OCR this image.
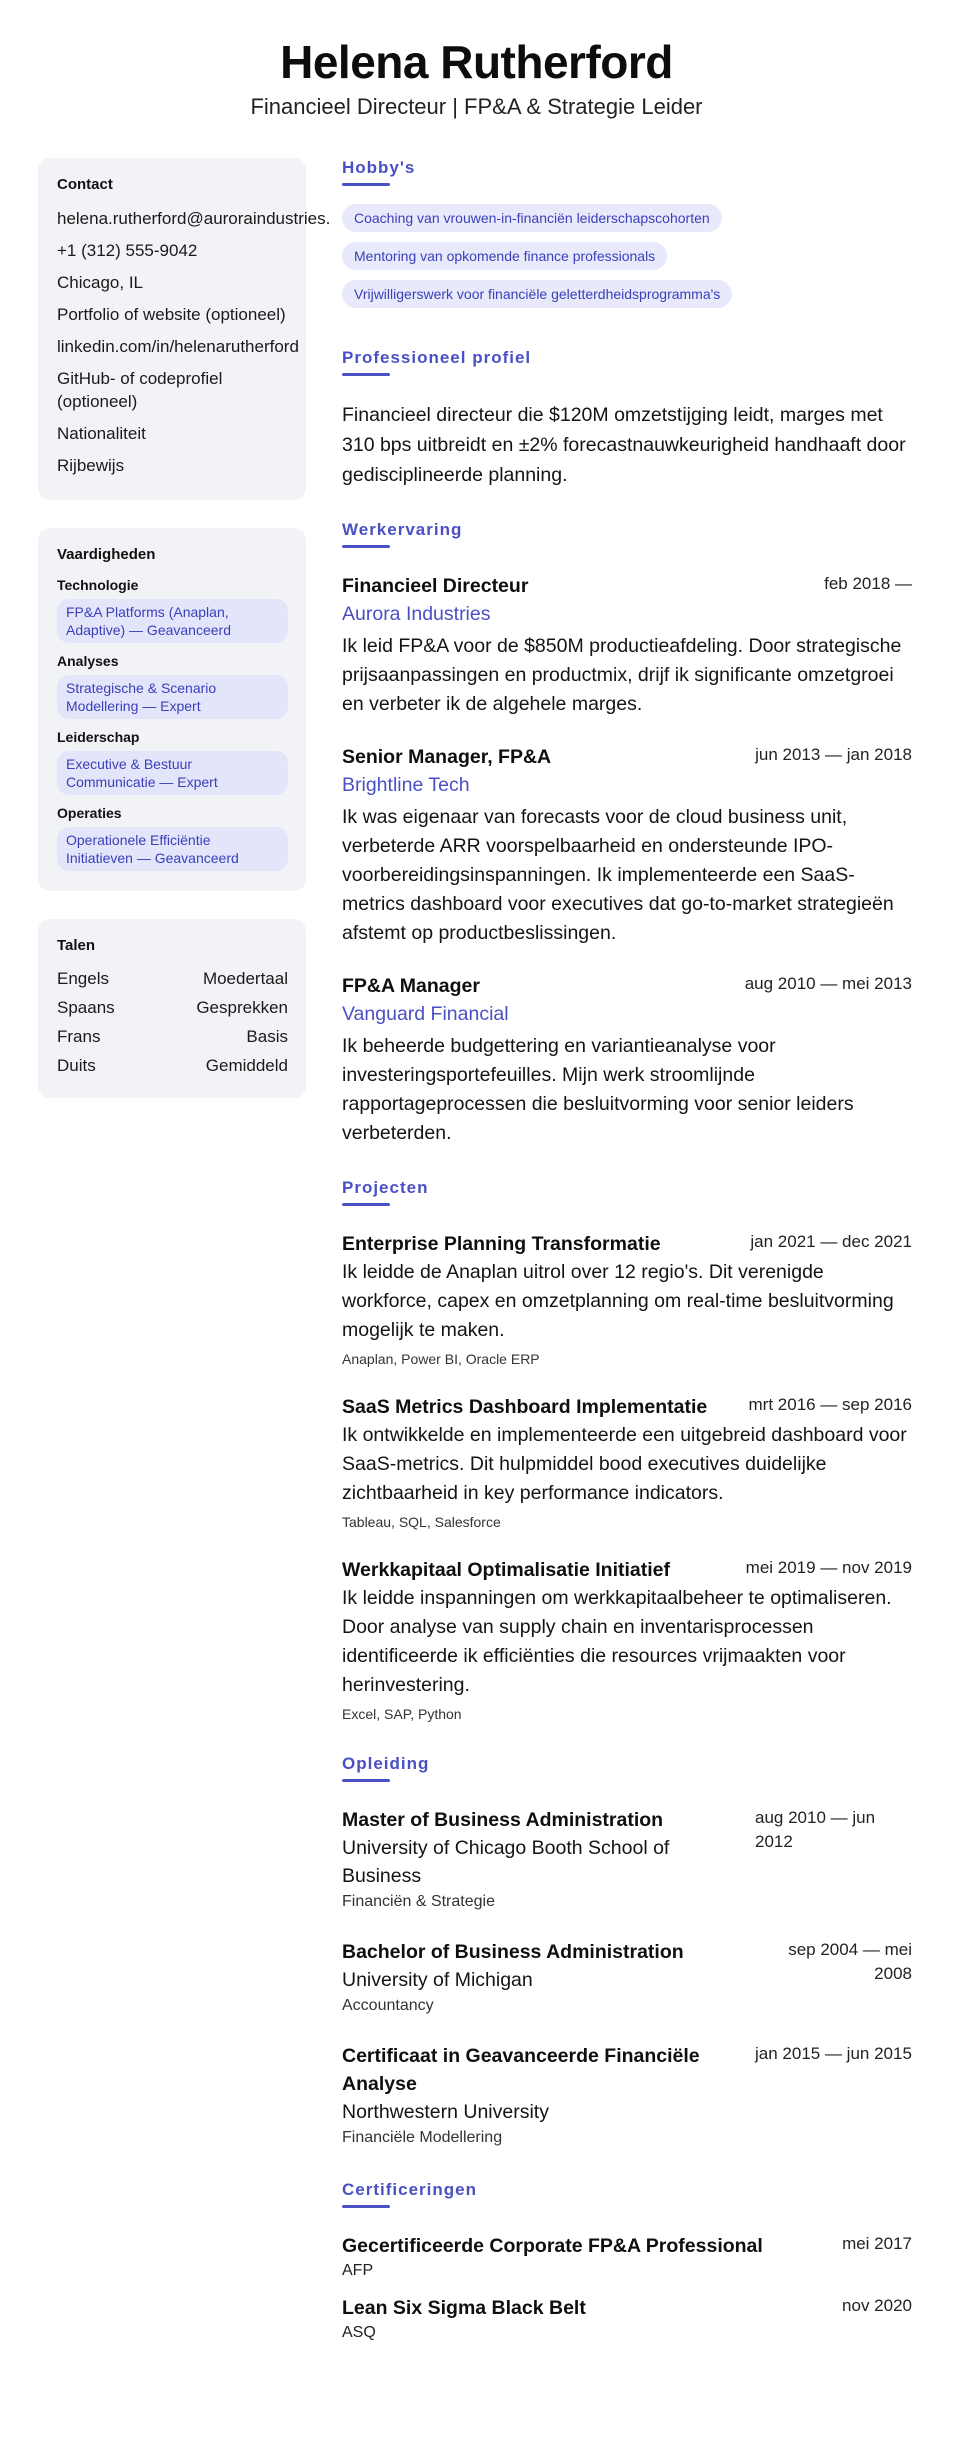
Helena Rutherford
Financieel Directeur | FP&A & Strategie Leider
Contact
helena.rutherford@auroraindustries.
+1 (312) 555-9042
Chicago, IL
Portfolio of website (optioneel)
linkedin.com/in/helenarutherford
GitHub- of codeprofiel (optioneel)
Nationaliteit
Rijbewijs
Vaardigheden
Technologie
FP&A Platforms (Anaplan, Adaptive) — Geavanceerd
Analyses
Strategische & Scenario Modellering — Expert
Leiderschap
Executive & Bestuur Communicatie — Expert
Operaties
Operationele Efficiëntie Initiatieven — Geavanceerd
Talen
Engels	Moedertaal
Spaans	Gesprekken
Frans	Basis
Duits	Gemiddeld
Hobby's
Coaching van vrouwen-in-financiën leiderschapscohorten
Mentoring van opkomende finance professionals
Vrijwilligerswerk voor financiële geletterdheidsprogramma's
Professioneel profiel

Financieel directeur die $120M omzetstijging leidt, marges met 310 bps uitbreidt en ±2% forecastnauwkeurigheid handhaaft door gedisciplineerde planning.

Werkervaring
Financieel Directeur	feb 2018 —
Aurora Industries

Ik leid FP&A voor de $850M productieafdeling. Door strategische prijsaanpassingen en productmix, drijf ik significante omzetgroei en verbeter ik de algehele marges.

Senior Manager, FP&A	jun 2013 — jan 2018
Brightline Tech

Ik was eigenaar van forecasts voor de cloud business unit, verbeterde ARR voorspelbaarheid en ondersteunde IPO-voorbereidingsinspanningen. Ik implementeerde een SaaS-metrics dashboard voor executives dat go-to-market strategieën afstemt op productbeslissingen.

FP&A Manager	aug 2010 — mei 2013
Vanguard Financial

Ik beheerde budgettering en variantieanalyse voor investeringsportefeuilles. Mijn werk stroomlijnde rapportageprocessen die besluitvorming voor senior leiders verbeterden.

Projecten
Enterprise Planning Transformatie	jan 2021 — dec 2021

Ik leidde de Anaplan uitrol over 12 regio's. Dit verenigde workforce, capex en omzetplanning om real-time besluitvorming mogelijk te maken.

Anaplan, Power BI, Oracle ERP
SaaS Metrics Dashboard Implementatie	mrt 2016 — sep 2016

Ik ontwikkelde en implementeerde een uitgebreid dashboard voor SaaS-metrics. Dit hulpmiddel bood executives duidelijke zichtbaarheid in key performance indicators.

Tableau, SQL, Salesforce
Werkkapitaal Optimalisatie Initiatief	mei 2019 — nov 2019

Ik leidde inspanningen om werkkapitaalbeheer te optimaliseren. Door analyse van supply chain en inventarisprocessen identificeerde ik efficiënties die resources vrijmaakten voor herinvestering.

Excel, SAP, Python
Opleiding
Master of Business Administration
University of Chicago Booth School of Business
Financiën & Strategie
aug 2010 — jun 2012
Bachelor of Business Administration
University of Michigan
Accountancy
sep 2004 — mei 2008
Certificaat in Geavanceerde Financiële Analyse
Northwestern University
Financiële Modellering
jan 2015 — jun 2015
Certificeringen
Gecertificeerde Corporate FP&A Professional	mei 2017
AFP
Lean Six Sigma Black Belt	nov 2020
ASQ
